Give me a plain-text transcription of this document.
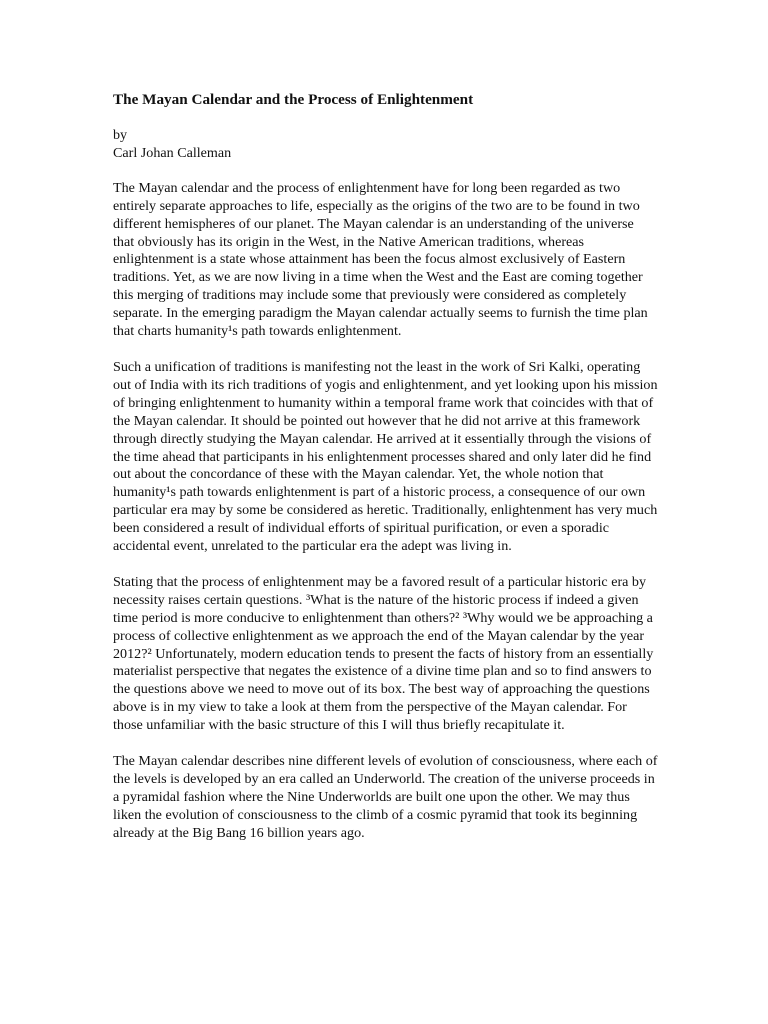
The Mayan Calendar and the Process of Enlightenment
by
Carl Johan Calleman

The Mayan calendar and the process of enlightenment have for long been regarded as two entirely separate approaches to life, especially as the origins of the two are to be found in two different hemispheres of our planet. The Mayan calendar is an understanding of the universe that obviously has its origin in the West, in the Native American traditions, whereas enlightenment is a state whose attainment has been the focus almost exclusively of Eastern traditions. Yet, as we are now living in a time when the West and the East are coming together this merging of traditions may include some that previously were considered as completely separate. In the emerging paradigm the Mayan calendar actually seems to furnish the time plan that charts humanity¹s path towards enlightenment.

Such a unification of traditions is manifesting not the least in the work of Sri Kalki, operating out of India with its rich traditions of yogis and enlightenment, and yet looking upon his mission of bringing enlightenment to humanity within a temporal frame work that coincides with that of the Mayan calendar. It should be pointed out however that he did not arrive at this framework through directly studying the Mayan calendar. He arrived at it essentially through the visions of the time ahead that participants in his enlightenment processes shared and only later did he find out about the concordance of these with the Mayan calendar. Yet, the whole notion that humanity¹s path towards enlightenment is part of a historic process, a consequence of our own particular era may by some be considered as heretic. Traditionally, enlightenment has very much been considered a result of individual efforts of spiritual purification, or even a sporadic accidental event, unrelated to the particular era the adept was living in.

Stating that the process of enlightenment may be a favored result of a particular historic era by necessity raises certain questions. ³What is the nature of the historic process if indeed a given time period is more conducive to enlightenment than others?² ³Why would we be approaching a process of collective enlightenment as we approach the end of the Mayan calendar by the year 2012?² Unfortunately, modern education tends to present the facts of history from an essentially materialist perspective that negates the existence of a divine time plan and so to find answers to the questions above we need to move out of its box. The best way of approaching the questions above is in my view to take a look at them from the perspective of the Mayan calendar. For those unfamiliar with the basic structure of this I will thus briefly recapitulate it.

The Mayan calendar describes nine different levels of evolution of consciousness, where each of the levels is developed by an era called an Underworld. The creation of the universe proceeds in a pyramidal fashion where the Nine Underworlds are built one upon the other. We may thus liken the evolution of consciousness to the climb of a cosmic pyramid that took its beginning already at the Big Bang 16 billion years ago.
